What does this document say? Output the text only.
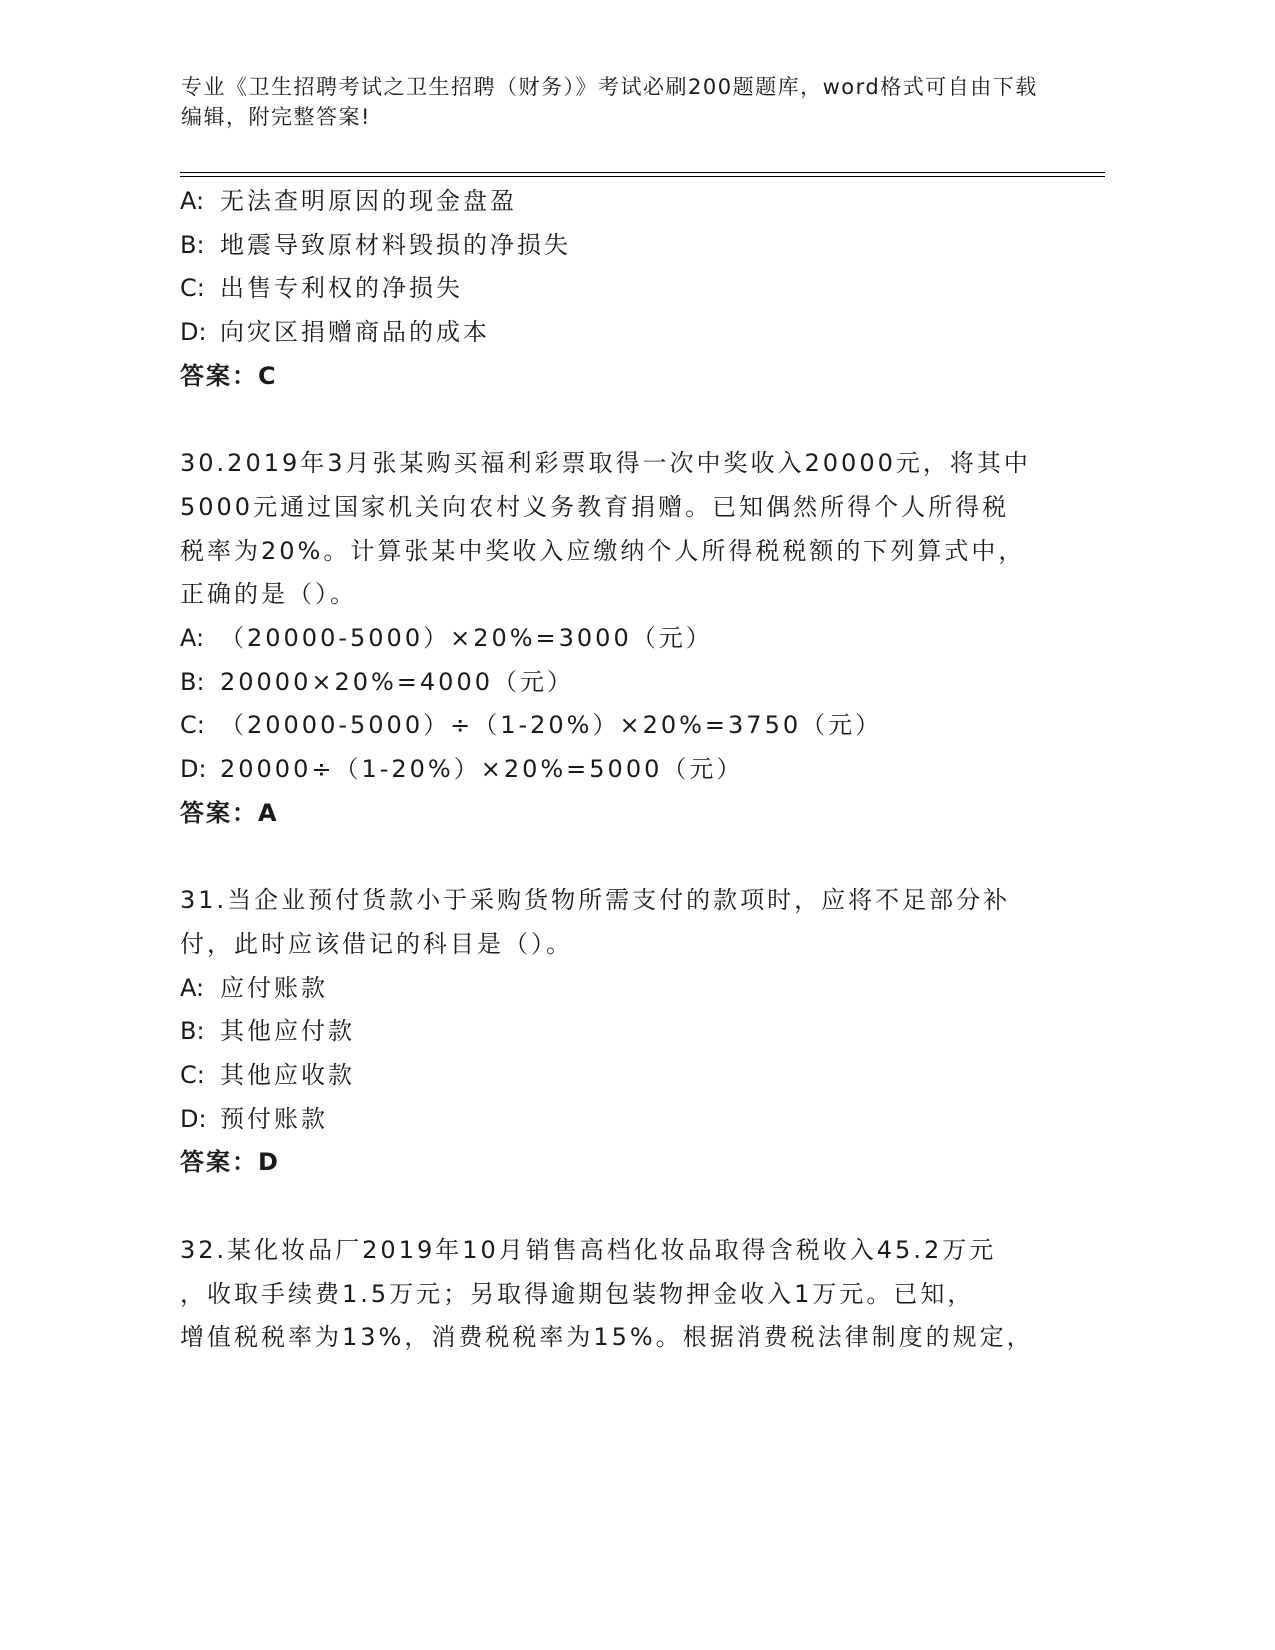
专业《卫生招聘考试之卫生招聘（财务）》考试必刷200题题库，word格式可自由下载编辑，附完整答案!
A: 无法查明原因的现金盘盈
B: 地震导致原材料毁损的净损失
C: 出售专利权的净损失
D: 向灾区捐赠商品的成本
答案：C
30.2019年3月张某购买福利彩票取得一次中奖收入20000元，将其中
5000元通过国家机关向农村义务教育捐赠。已知偶然所得个人所得税
税率为20%。计算张某中奖收入应缴纳个人所得税税额的下列算式中，
正确的是（）。
A: （20000-5000）×20%=3000（元）
B: 20000×20%=4000（元）
C: （20000-5000）÷（1-20%）×20%=3750（元）
D: 20000÷（1-20%）×20%=5000（元）
答案：A
31.当企业预付货款小于采购货物所需支付的款项时，应将不足部分补
付，此时应该借记的科目是（）。
A: 应付账款
B: 其他应付款
C: 其他应收款
D: 预付账款
答案：D
32.某化妆品厂2019年10月销售高档化妆品取得含税收入45.2万元
，收取手续费1.5万元；另取得逾期包装物押金收入1万元。已知，
增值税税率为13%，消费税税率为15%。根据消费税法律制度的规定，
